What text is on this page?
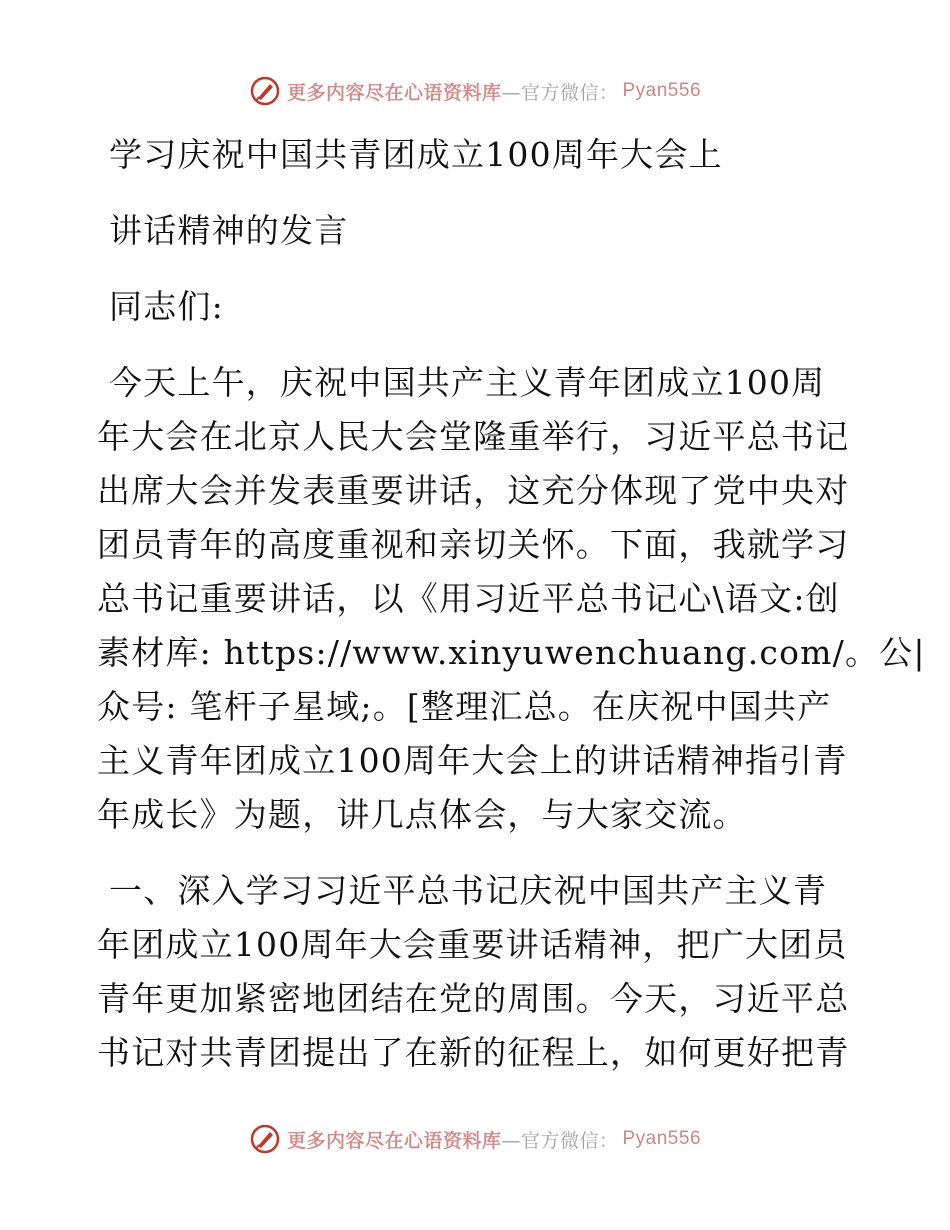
更多内容尽在心语资料库 —官方微信： Pyan556
学习庆祝中国共青团成立100周年大会上
讲话精神的发言
同志们:
今天上午，庆祝中国共产主义青年团成立100周
年大会在北京人民大会堂隆重举行，习近平总书记
出席大会并发表重要讲话，这充分体现了党中央对
团员青年的高度重视和亲切关怀。下面，我就学习
总书记重要讲话，以《用习近平总书记心\语文:创
素材库: https://www.xinyuwenchuang.com/。公|
众号: 笔杆子星域;。[整理汇总。在庆祝中国共产
主义青年团成立100周年大会上的讲话精神指引青
年成长》为题，讲几点体会，与大家交流。
一、深入学习习近平总书记庆祝中国共产主义青
年团成立100周年大会重要讲话精神，把广大团员
青年更加紧密地团结在党的周围。今天，习近平总
书记对共青团提出了在新的征程上，如何更好把青
更多内容尽在心语资料库 —官方微信： Pyan556
